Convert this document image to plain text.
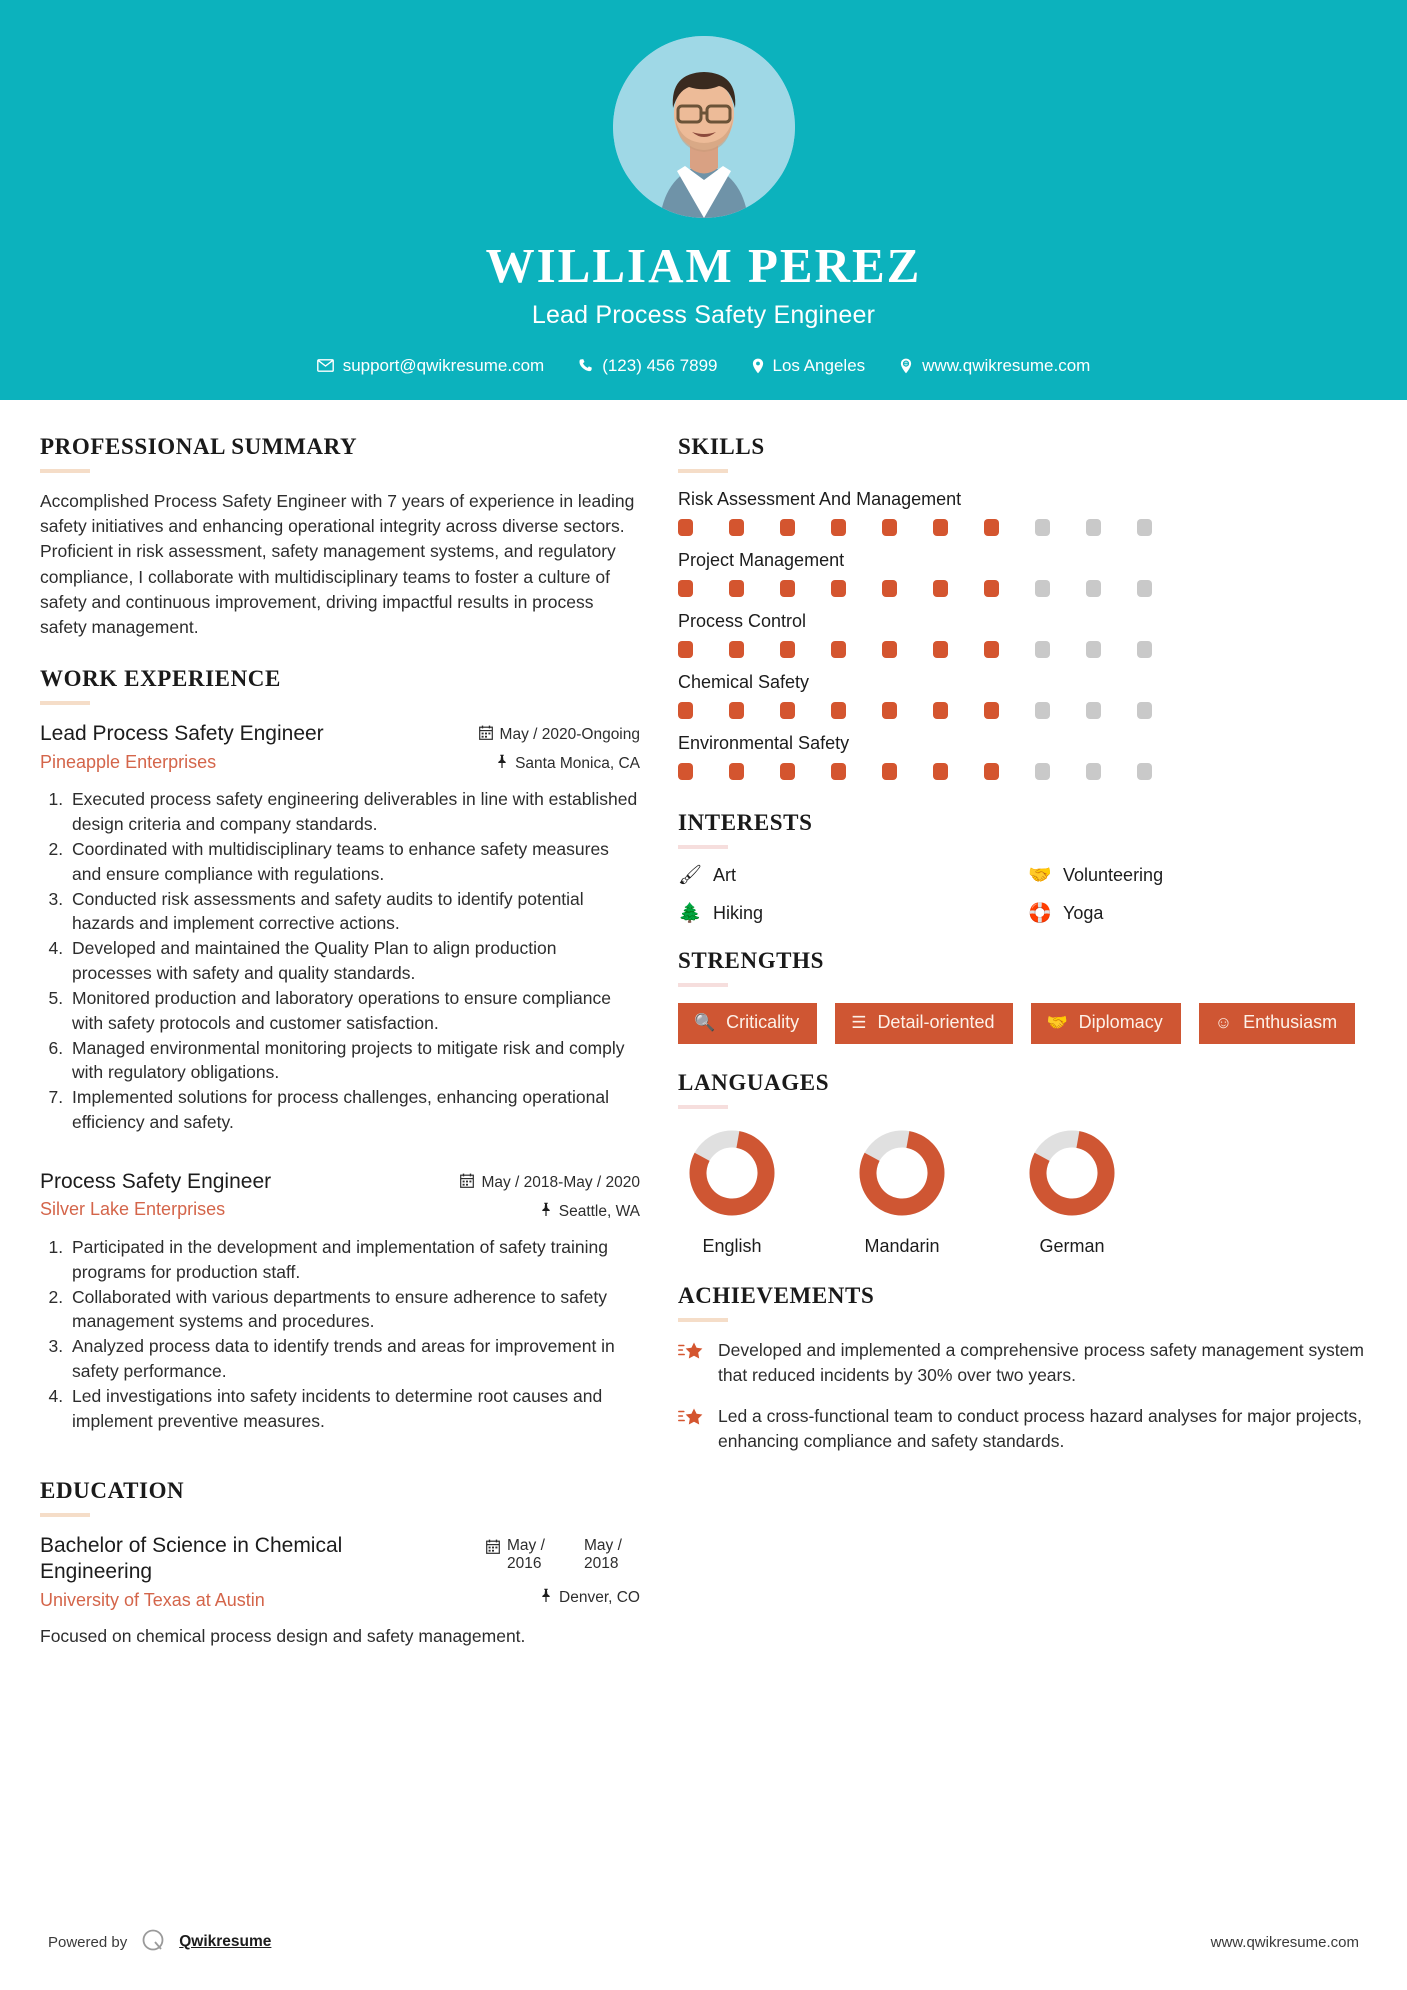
WILLIAM PEREZ
Lead Process Safety Engineer
support@qwikresume.com	(123) 456 7899	Los Angeles	www.qwikresume.com
PROFESSIONAL SUMMARY
Accomplished Process Safety Engineer with 7 years of experience in leading safety initiatives and enhancing operational integrity across diverse sectors. Proficient in risk assessment, safety management systems, and regulatory compliance, I collaborate with multidisciplinary teams to foster a culture of safety and continuous improvement, driving impactful results in process safety management.
WORK EXPERIENCE
Lead Process Safety Engineer
Pineapple Enterprises
May / 2020-Ongoing
Santa Monica, CA
1. Executed process safety engineering deliverables in line with established design criteria and company standards.
2. Coordinated with multidisciplinary teams to enhance safety measures and ensure compliance with regulations.
3. Conducted risk assessments and safety audits to identify potential hazards and implement corrective actions.
4. Developed and maintained the Quality Plan to align production processes with safety and quality standards.
5. Monitored production and laboratory operations to ensure compliance with safety protocols and customer satisfaction.
6. Managed environmental monitoring projects to mitigate risk and comply with regulatory obligations.
7. Implemented solutions for process challenges, enhancing operational efficiency and safety.
Process Safety Engineer
Silver Lake Enterprises
May / 2018-May / 2020
Seattle, WA
1. Participated in the development and implementation of safety training programs for production staff.
2. Collaborated with various departments to ensure adherence to safety management systems and procedures.
3. Analyzed process data to identify trends and areas for improvement in safety performance.
4. Led investigations into safety incidents to determine root causes and implement preventive measures.
EDUCATION
Bachelor of Science in Chemical Engineering
University of Texas at Austin
May / 2016
May / 2018
Denver, CO
Focused on chemical process design and safety management.
SKILLS
Risk Assessment And Management
Project Management
Process Control
Chemical Safety
Environmental Safety
INTERESTS
🖌 Art	🤝 Volunteering
🌲 Hiking	🛟 Yoga
STRENGTHS
🔍 Criticality	☰ Detail-oriented	🤝 Diplomacy	☺ Enthusiasm
LANGUAGES
English	Mandarin	German
ACHIEVEMENTS
Developed and implemented a comprehensive process safety management system that reduced incidents by 30% over two years.
Led a cross-functional team to conduct process hazard analyses for major projects, enhancing compliance and safety standards.
Powered by	Qwikresume	www.qwikresume.com
